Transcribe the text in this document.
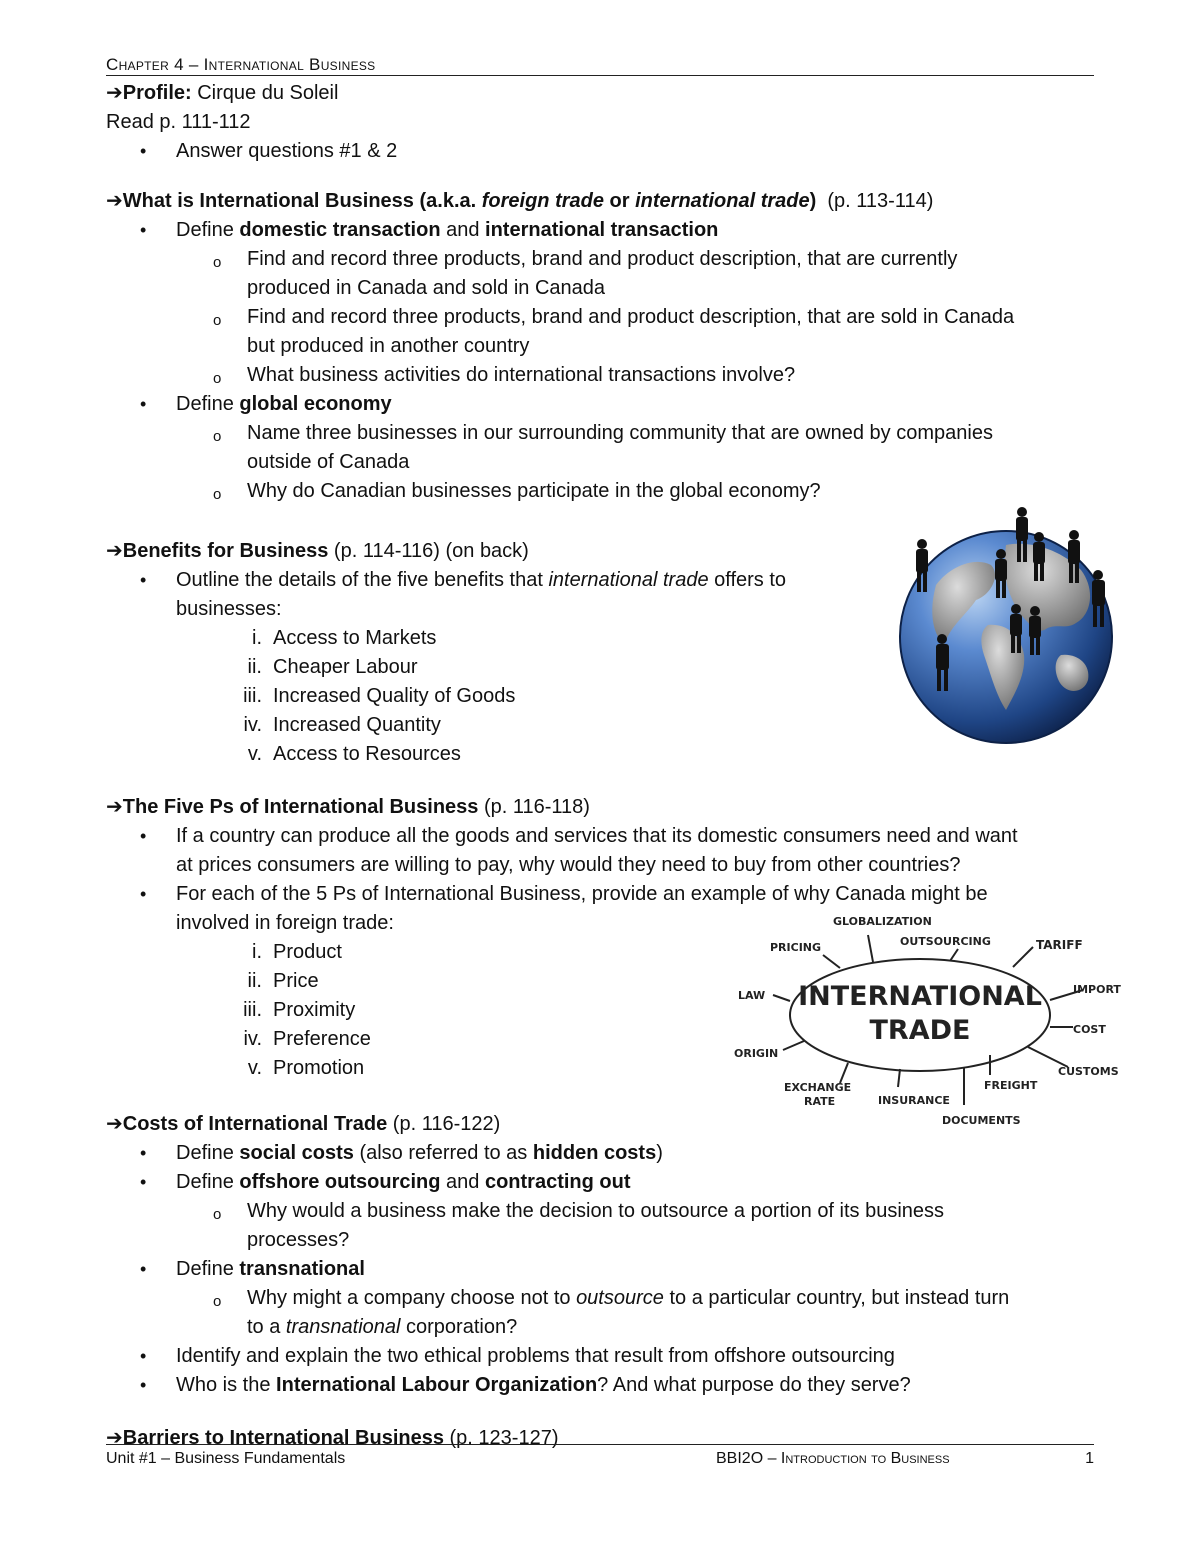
Chapter 4 – International Business
➔Profile: Cirque du Soleil
Read p. 111-112
• Answer questions #1 & 2
➔What is International Business (a.k.a. foreign trade or international trade)  (p. 113-114)
• Define domestic transaction and international transaction
o Find and record three products, brand and product description, that are currently
produced in Canada and sold in Canada
o Find and record three products, brand and product description, that are sold in Canada
but produced in another country
o What business activities do international transactions involve?
• Define global economy
o Name three businesses in our surrounding community that are owned by companies
outside of Canada
o Why do Canadian businesses participate in the global economy?
➔Benefits for Business (p. 114-116) (on back)
• Outline the details of the five benefits that international trade offers to
businesses:
i. Access to Markets
ii. Cheaper Labour
iii. Increased Quality of Goods
iv. Increased Quantity
v. Access to Resources
➔The Five Ps of International Business (p. 116-118)
• If a country can produce all the goods and services that its domestic consumers need and want
at prices consumers are willing to pay, why would they need to buy from other countries?
• For each of the 5 Ps of International Business, provide an example of why Canada might be
involved in foreign trade:
i. Product
ii. Price
iii. Proximity
iv. Preference
v. Promotion
➔Costs of International Trade (p. 116-122)
• Define social costs (also referred to as hidden costs)
• Define offshore outsourcing and contracting out
o Why would a business make the decision to outsource a portion of its business
processes?
• Define transnational
o Why might a company choose not to outsource to a particular country, but instead turn
to a transnational corporation?
• Identify and explain the two ethical problems that result from offshore outsourcing
• Who is the International Labour Organization? And what purpose do they serve?
➔Barriers to International Business (p. 123-127)
INTERNATIONAL
TRADE
GLOBALIZATION
PRICING	OUTSOURCING	TARIFF
LAW	IMPORT
COST
ORIGIN
CUSTOMS
FREIGHT
EXCHANGE
RATE	INSURANCE
DOCUMENTS
Unit #1 – Business Fundamentals	BBI2O – Introduction to Business	1
